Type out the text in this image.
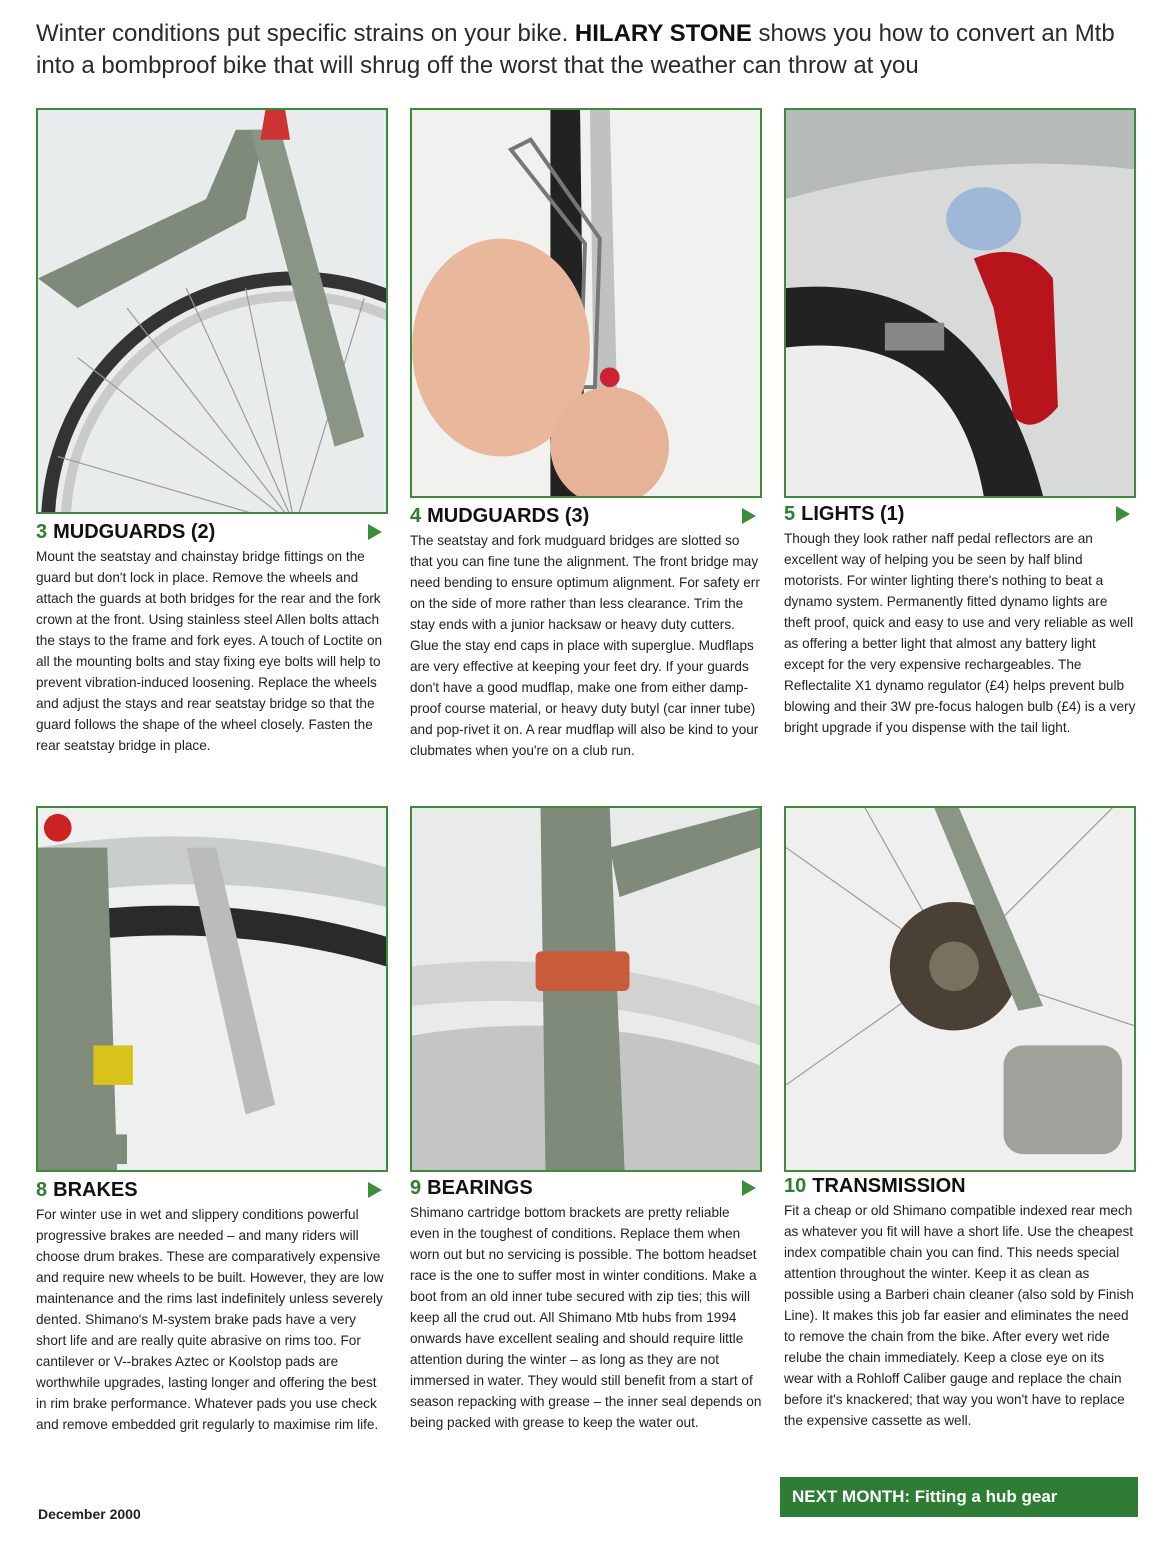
Winter conditions put specific strains on your bike. HILARY STONE shows you how to convert an Mtb into a bombproof bike that will shrug off the worst that the weather can throw at you
3 MUDGUARDS (2)
Mount the seatstay and chainstay bridge fittings on the guard but don't lock in place. Remove the wheels and attach the guards at both bridges for the rear and the fork crown at the front. Using stainless steel Allen bolts attach the stays to the frame and fork eyes. A touch of Loctite on all the mounting bolts and stay fixing eye bolts will help to prevent vibration-induced loosening. Replace the wheels and adjust the stays and rear seatstay bridge so that the guard follows the shape of the wheel closely. Fasten the rear seatstay bridge in place.
4 MUDGUARDS (3)
The seatstay and fork mudguard bridges are slotted so that you can fine tune the alignment. The front bridge may need bending to ensure optimum alignment. For safety err on the side of more rather than less clearance. Trim the stay ends with a junior hacksaw or heavy duty cutters. Glue the stay end caps in place with superglue. Mudflaps are very effective at keeping your feet dry. If your guards don't have a good mudflap, make one from either damp-proof course material, or heavy duty butyl (car inner tube) and pop-rivet it on. A rear mudflap will also be kind to your clubmates when you're on a club run.
5 LIGHTS (1)
Though they look rather naff pedal reflectors are an excellent way of helping you be seen by half blind motorists. For winter lighting there's nothing to beat a dynamo system. Permanently fitted dynamo lights are theft proof, quick and easy to use and very reliable as well as offering a better light that almost any battery light except for the very expensive rechargeables. The Reflectalite X1 dynamo regulator (£4) helps prevent bulb blowing and their 3W pre-focus halogen bulb (£4) is a very bright upgrade if you dispense with the tail light.
8 BRAKES
For winter use in wet and slippery conditions powerful progressive brakes are needed – and many riders will choose drum brakes. These are comparatively expensive and require new wheels to be built. However, they are low maintenance and the rims last indefinitely unless severely dented. Shimano's M-system brake pads have a very short life and are really quite abrasive on rims too. For cantilever or V--brakes Aztec or Koolstop pads are worthwhile upgrades, lasting longer and offering the best in rim brake performance. Whatever pads you use check and remove embedded grit regularly to maximise rim life.
9 BEARINGS
Shimano cartridge bottom brackets are pretty reliable even in the toughest of conditions. Replace them when worn out but no servicing is possible. The bottom headset race is the one to suffer most in winter conditions. Make a boot from an old inner tube secured with zip ties; this will keep all the crud out. All Shimano Mtb hubs from 1994 onwards have excellent sealing and should require little attention during the winter – as long as they are not immersed in water. They would still benefit from a start of season repacking with grease – the inner seal depends on being packed with grease to keep the water out.
10 TRANSMISSION
Fit a cheap or old Shimano compatible indexed rear mech as whatever you fit will have a short life. Use the cheapest index compatible chain you can find. This needs special attention throughout the winter. Keep it as clean as possible using a Barberi chain cleaner (also sold by Finish Line). It makes this job far easier and eliminates the need to remove the chain from the bike. After every wet ride relube the chain immediately. Keep a close eye on its wear with a Rohloff Caliber gauge and replace the chain before it's knackered; that way you won't have to replace the expensive cassette as well.
NEXT MONTH: Fitting a hub gear
December 2000
